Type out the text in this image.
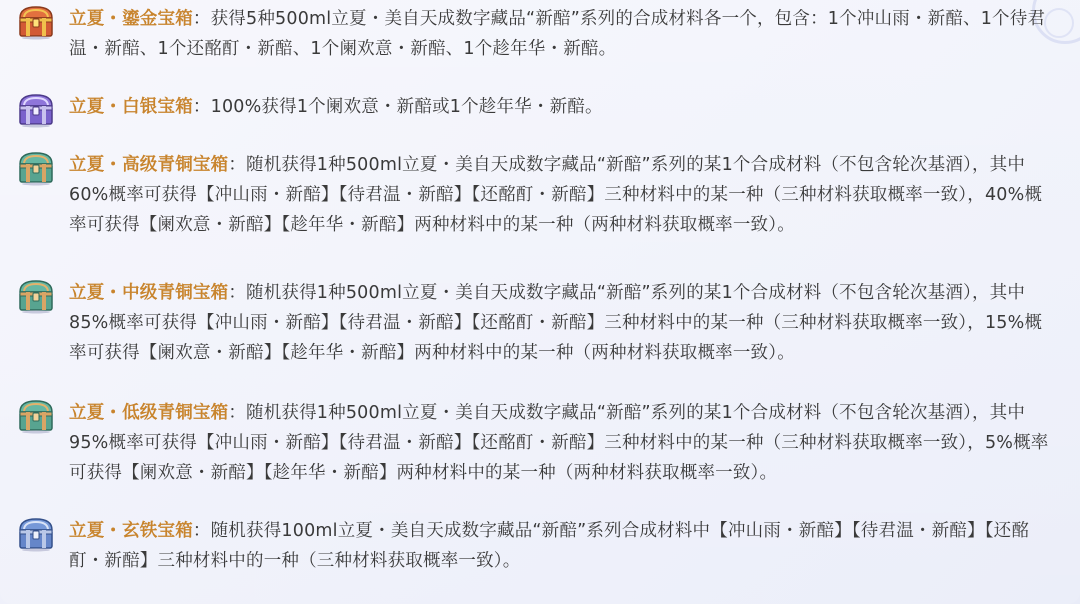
立夏・鎏金宝箱：获得5种500ml立夏・美自天成数字藏品“新醅”系列的合成材料各一个，包含：1个冲山雨・新醅、1个待君温・新醅、1个还酩酊・新醅、1个阑欢意・新醅、1个趁年华・新醅。
立夏・白银宝箱：100%获得1个阑欢意・新醅或1个趁年华・新醅。
立夏・高级青铜宝箱：随机获得1种500ml立夏・美自天成数字藏品“新醅”系列的某1个合成材料（不包含轮次基酒），其中60%概率可获得【冲山雨・新醅】【待君温・新醅】【还酩酊・新醅】三种材料中的某一种（三种材料获取概率一致），40%概率可获得【阑欢意・新醅】【趁年华・新醅】两种材料中的某一种（两种材料获取概率一致）。
立夏・中级青铜宝箱：随机获得1种500ml立夏・美自天成数字藏品“新醅”系列的某1个合成材料（不包含轮次基酒），其中85%概率可获得【冲山雨・新醅】【待君温・新醅】【还酩酊・新醅】三种材料中的某一种（三种材料获取概率一致），15%概率可获得【阑欢意・新醅】【趁年华・新醅】两种材料中的某一种（两种材料获取概率一致）。
立夏・低级青铜宝箱：随机获得1种500ml立夏・美自天成数字藏品“新醅”系列的某1个合成材料（不包含轮次基酒），其中95%概率可获得【冲山雨・新醅】【待君温・新醅】【还酩酊・新醅】三种材料中的某一种（三种材料获取概率一致），5%概率可获得【阑欢意・新醅】【趁年华・新醅】两种材料中的某一种（两种材料获取概率一致）。
立夏・玄铁宝箱：随机获得100ml立夏・美自天成数字藏品“新醅”系列合成材料中【冲山雨・新醅】【待君温・新醅】【还酩酊・新醅】三种材料中的一种（三种材料获取概率一致）。
